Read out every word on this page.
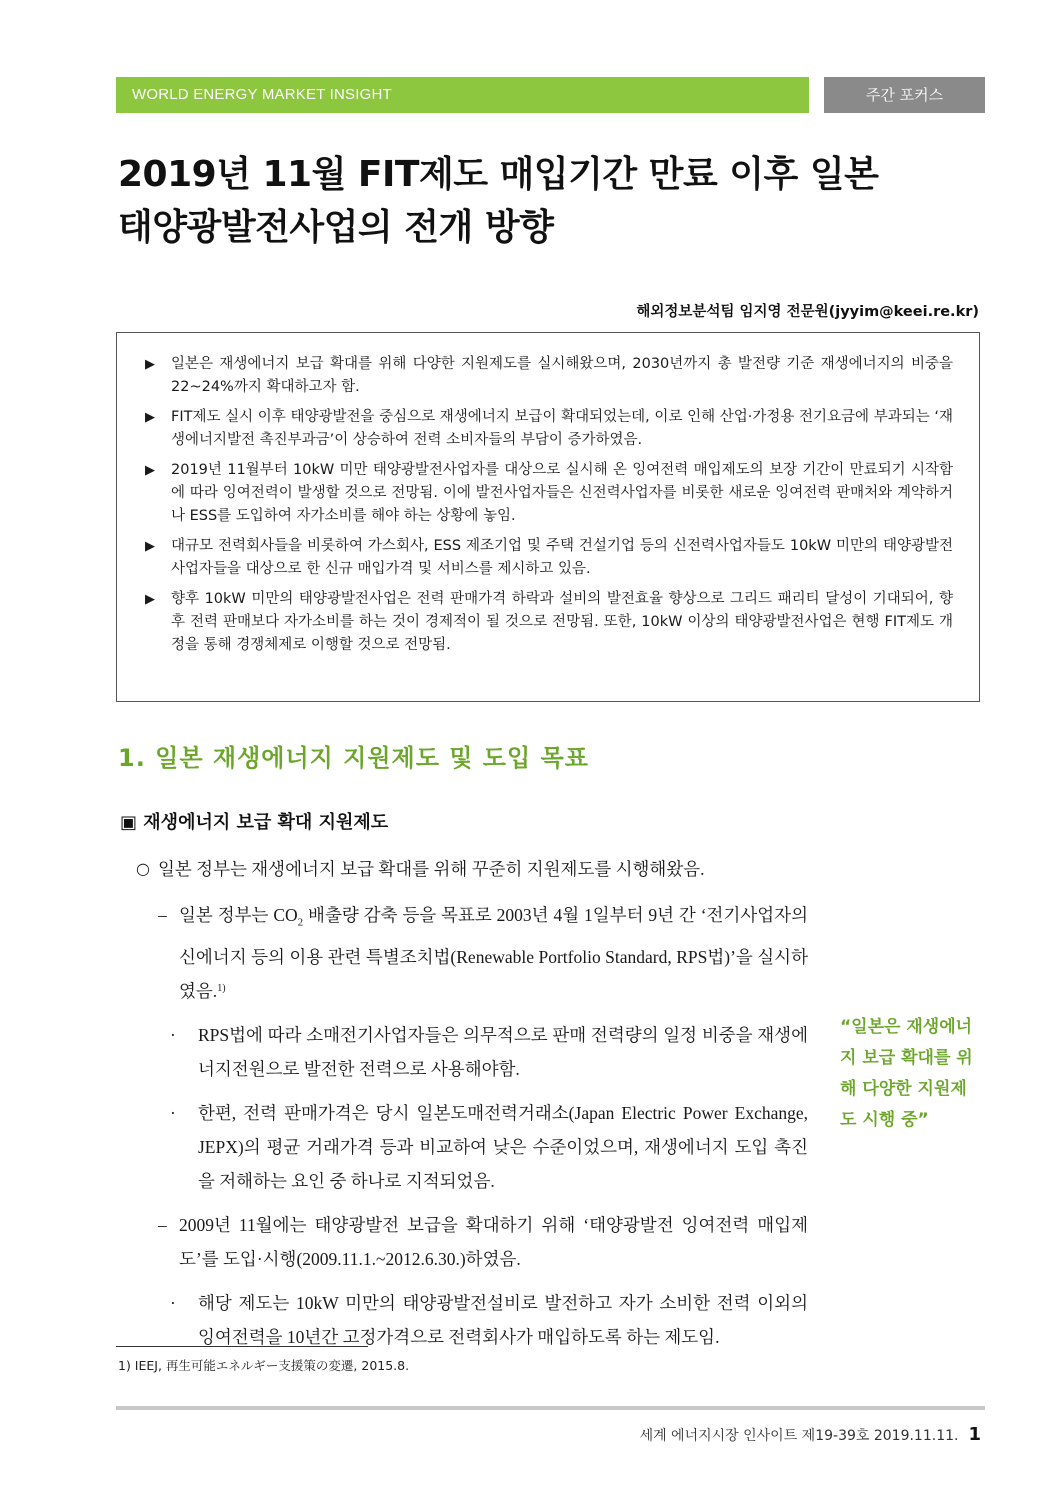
WORLD ENERGY MARKET INSIGHT	주간 포커스
2019년 11월 FIT제도 매입기간 만료 이후 일본
태양광발전사업의 전개 방향
해외정보분석팀 임지영 전문원(jyyim@keei.re.kr)
▶ 일본은 재생에너지 보급 확대를 위해 다양한 지원제도를 실시해왔으며, 2030년까지 총 발전량 기준 재생에너지의 비중을 22~24%까지 확대하고자 함.
▶ FIT제도 실시 이후 태양광발전을 중심으로 재생에너지 보급이 확대되었는데, 이로 인해 산업·가정용 전기요금에 부과되는 ‘재생에너지발전 촉진부과금’이 상승하여 전력 소비자들의 부담이 증가하였음.
▶ 2019년 11월부터 10kW 미만 태양광발전사업자를 대상으로 실시해 온 잉여전력 매입제도의 보장 기간이 만료되기 시작함에 따라 잉여전력이 발생할 것으로 전망됨. 이에 발전사업자들은 신전력사업자를 비롯한 새로운 잉여전력 판매처와 계약하거나 ESS를 도입하여 자가소비를 해야 하는 상황에 놓임.
▶ 대규모 전력회사들을 비롯하여 가스회사, ESS 제조기업 및 주택 건설기업 등의 신전력사업자들도 10kW 미만의 태양광발전사업자들을 대상으로 한 신규 매입가격 및 서비스를 제시하고 있음.
▶ 향후 10kW 미만의 태양광발전사업은 전력 판매가격 하락과 설비의 발전효율 향상으로 그리드 패리티 달성이 기대되어, 향후 전력 판매보다 자가소비를 하는 것이 경제적이 될 것으로 전망됨. 또한, 10kW 이상의 태양광발전사업은 현행 FIT제도 개정을 통해 경쟁체제로 이행할 것으로 전망됨.
1. 일본 재생에너지 지원제도 및 도입 목표
▣ 재생에너지 보급 확대 지원제도
○ 일본 정부는 재생에너지 보급 확대를 위해 꾸준히 지원제도를 시행해왔음.
– 일본 정부는 $CO_2$ 배출량 감축 등을 목표로 2003년 4월 1일부터 9년 간 ‘전기사업자의 신에너지 등의 이용 관련 특별조치법(Renewable Portfolio Standard, RPS법)’을 실시하였음.$^{1)}$
· RPS법에 따라 소매전기사업자들은 의무적으로 판매 전력량의 일정 비중을 재생에너지전원으로 발전한 전력으로 사용해야함.
· 한편, 전력 판매가격은 당시 일본도매전력거래소(Japan Electric Power Exchange, JEPX)의 평균 거래가격 등과 비교하여 낮은 수준이었으며, 재생에너지 도입 촉진을 저해하는 요인 중 하나로 지적되었음.
– 2009년 11월에는 태양광발전 보급을 확대하기 위해 ‘태양광발전 잉여전력 매입제도’를 도입·시행(2009.11.1.~2012.6.30.)하였음.
· 해당 제도는 10kW 미만의 태양광발전설비로 발전하고 자가 소비한 전력 이외의 잉여전력을 10년간 고정가격으로 전력회사가 매입하도록 하는 제도임.
“일본은 재생에너지 보급 확대를 위해 다양한 지원제도 시행 중”
1) IEEJ, 再生可能エネルギー支援策の変遷, 2015.8.
세계 에너지시장 인사이트 제19-39호 2019.11.11. 1
